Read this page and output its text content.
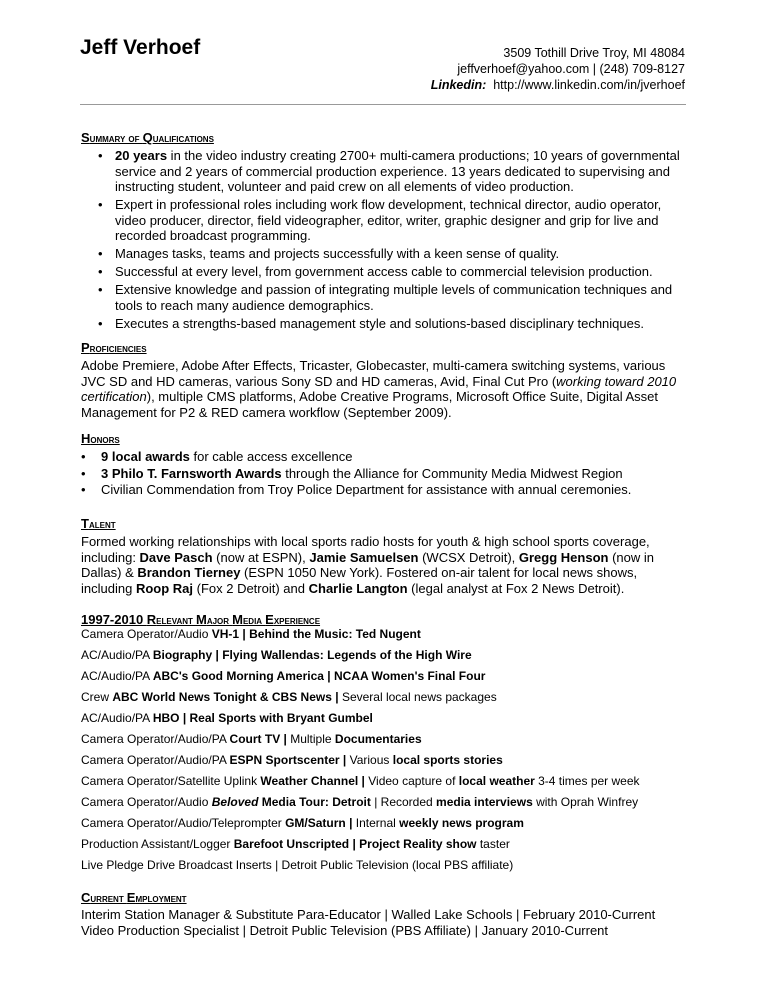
Jeff Verhoef	3509 Tothill Drive Troy, MI 48084
jeffverhoef@yahoo.com | (248) 709-8127
Linkedin: http://www.linkedin.com/in/jverhoef
Summary of Qualifications
• 20 years in the video industry creating 2700+ multi-camera productions; 10 years of governmental service and 2 years of commercial production experience. 13 years dedicated to supervising and instructing student, volunteer and paid crew on all elements of video production.
• Expert in professional roles including work flow development, technical director, audio operator, video producer, director, field videographer, editor, writer, graphic designer and grip for live and recorded broadcast programming.
• Manages tasks, teams and projects successfully with a keen sense of quality.
• Successful at every level, from government access cable to commercial television production.
• Extensive knowledge and passion of integrating multiple levels of communication techniques and tools to reach many audience demographics.
• Executes a strengths-based management style and solutions-based disciplinary techniques.
Proficiencies
Adobe Premiere, Adobe After Effects, Tricaster, Globecaster, multi-camera switching systems, various JVC SD and HD cameras, various Sony SD and HD cameras, Avid, Final Cut Pro (working toward 2010 certification), multiple CMS platforms, Adobe Creative Programs, Microsoft Office Suite, Digital Asset Management for P2 & RED camera workflow (September 2009).
Honors
• 9 local awards for cable access excellence
• 3 Philo T. Farnsworth Awards through the Alliance for Community Media Midwest Region
• Civilian Commendation from Troy Police Department for assistance with annual ceremonies.
Talent
Formed working relationships with local sports radio hosts for youth & high school sports coverage, including: Dave Pasch (now at ESPN), Jamie Samuelsen (WCSX Detroit), Gregg Henson (now in Dallas) & Brandon Tierney (ESPN 1050 New York). Fostered on-air talent for local news shows, including Roop Raj (Fox 2 Detroit) and Charlie Langton (legal analyst at Fox 2 News Detroit).
1997-2010 Relevant Major Media Experience
Camera Operator/Audio VH-1 | Behind the Music: Ted Nugent
AC/Audio/PA Biography | Flying Wallendas: Legends of the High Wire
AC/Audio/PA ABC's Good Morning America | NCAA Women's Final Four
Crew ABC World News Tonight & CBS News | Several local news packages
AC/Audio/PA HBO | Real Sports with Bryant Gumbel
Camera Operator/Audio/PA Court TV | Multiple Documentaries
Camera Operator/Audio/PA ESPN Sportscenter | Various local sports stories
Camera Operator/Satellite Uplink Weather Channel | Video capture of local weather 3-4 times per week
Camera Operator/Audio Beloved Media Tour: Detroit | Recorded media interviews with Oprah Winfrey
Camera Operator/Audio/Teleprompter GM/Saturn | Internal weekly news program
Production Assistant/Logger Barefoot Unscripted | Project Reality show taster
Live Pledge Drive Broadcast Inserts | Detroit Public Television (local PBS affiliate)
Current Employment
Interim Station Manager & Substitute Para-Educator | Walled Lake Schools | February 2010-Current
Video Production Specialist | Detroit Public Television (PBS Affiliate) | January 2010-Current
